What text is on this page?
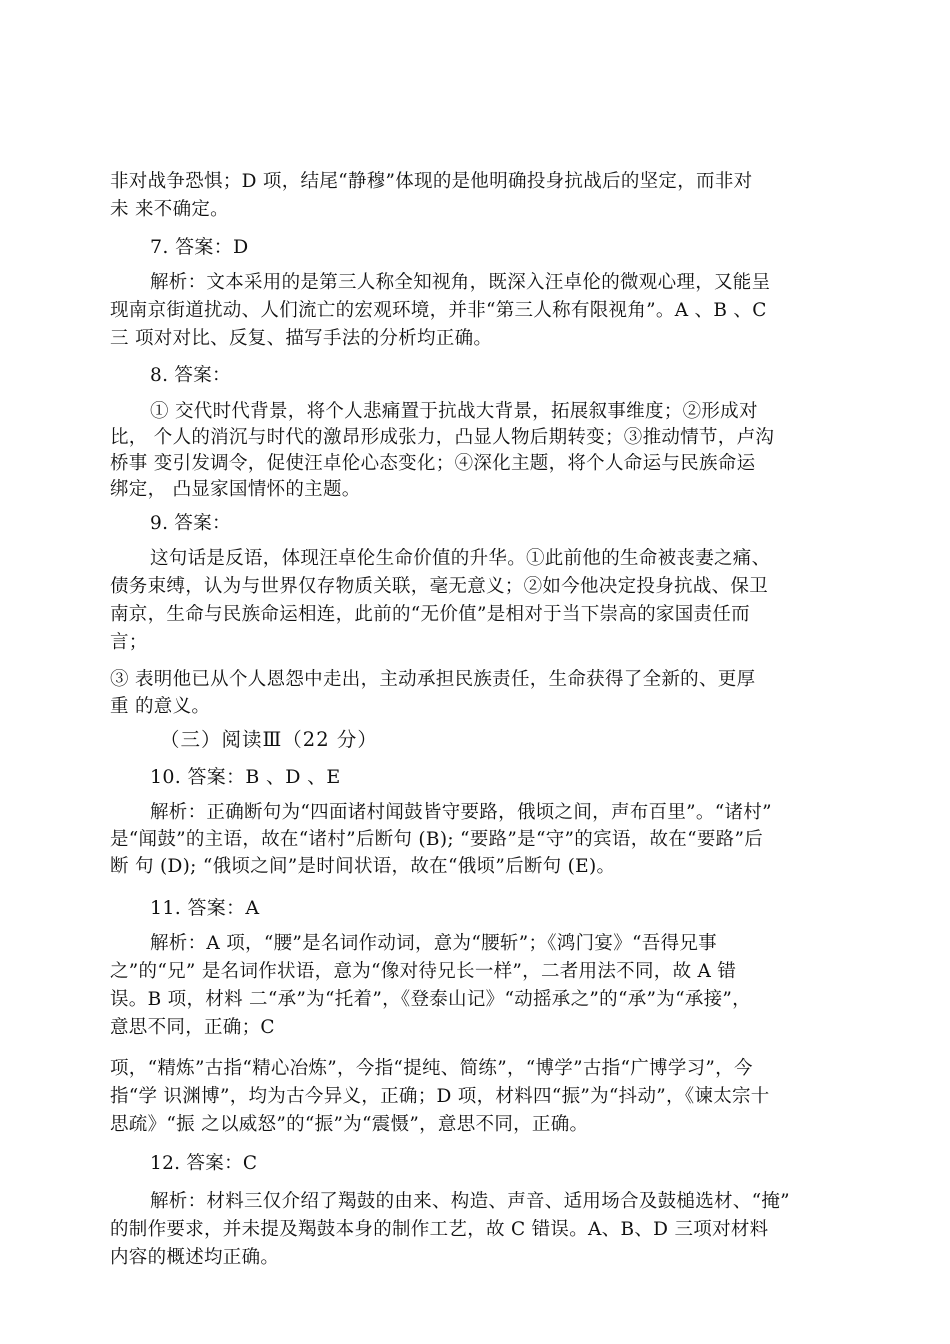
非对战争恐惧；D 项，结尾“静穆”体现的是他明确投身抗战后的坚定，而非对
未 来不确定。
7. 答案：D
解析：文本采用的是第三人称全知视角，既深入汪卓伦的微观心理，又能呈
现南京街道扰动、人们流亡的宏观环境，并非“第三人称有限视角”。A 、B 、C
三 项对对比、反复、描写手法的分析均正确。
8. 答案：
① 交代时代背景，将个人悲痛置于抗战大背景，拓展叙事维度；②形成对
比， 个人的消沉与时代的激昂形成张力，凸显人物后期转变；③推动情节，卢沟
桥事 变引发调令，促使汪卓伦心态变化；④深化主题，将个人命运与民族命运
绑定， 凸显家国情怀的主题。
9. 答案：
这句话是反语，体现汪卓伦生命价值的升华。①此前他的生命被丧妻之痛、
债务束缚，认为与世界仅存物质关联，毫无意义；②如今他决定投身抗战、保卫
南京，生命与民族命运相连，此前的“无价值”是相对于当下崇高的家国责任而
言；
③ 表明他已从个人恩怨中走出，主动承担民族责任，生命获得了全新的、更厚
重 的意义。
（三）阅读Ⅲ（22 分）
10. 答案：B 、D 、E
解析：正确断句为“四面诸村闻鼓皆守要路，俄顷之间，声布百里”。“诸村”
是“闻鼓”的主语，故在“诸村”后断句 (B); “要路”是“守”的宾语，故在“要路”后
断 句 (D); “俄顷之间”是时间状语，故在“俄顷”后断句 (E)。
11. 答案：A
解析：A 项，“腰”是名词作动词，意为“腰斩”；《鸿门宴》“吾得兄事
之”的“兄” 是名词作状语，意为“像对待兄长一样”，二者用法不同，故 A 错
误。B 项，材料 二“承”为“托着”，《登泰山记》“动摇承之”的“承”为“承接”，
意思不同，正确；C
项，“精炼”古指“精心冶炼”，今指“提纯、简练”，“博学”古指“广博学习”，今
指“学 识渊博”，均为古今异义，正确；D 项，材料四“振”为“抖动”，《谏太宗十
思疏》“振 之以威怒”的“振”为“震慑”，意思不同，正确。
12. 答案：C
解析：材料三仅介绍了羯鼓的由来、构造、声音、适用场合及鼓槌选材、“掩”
的制作要求，并未提及羯鼓本身的制作工艺，故 C 错误。A、B、D 三项对材料
内容的概述均正确。
